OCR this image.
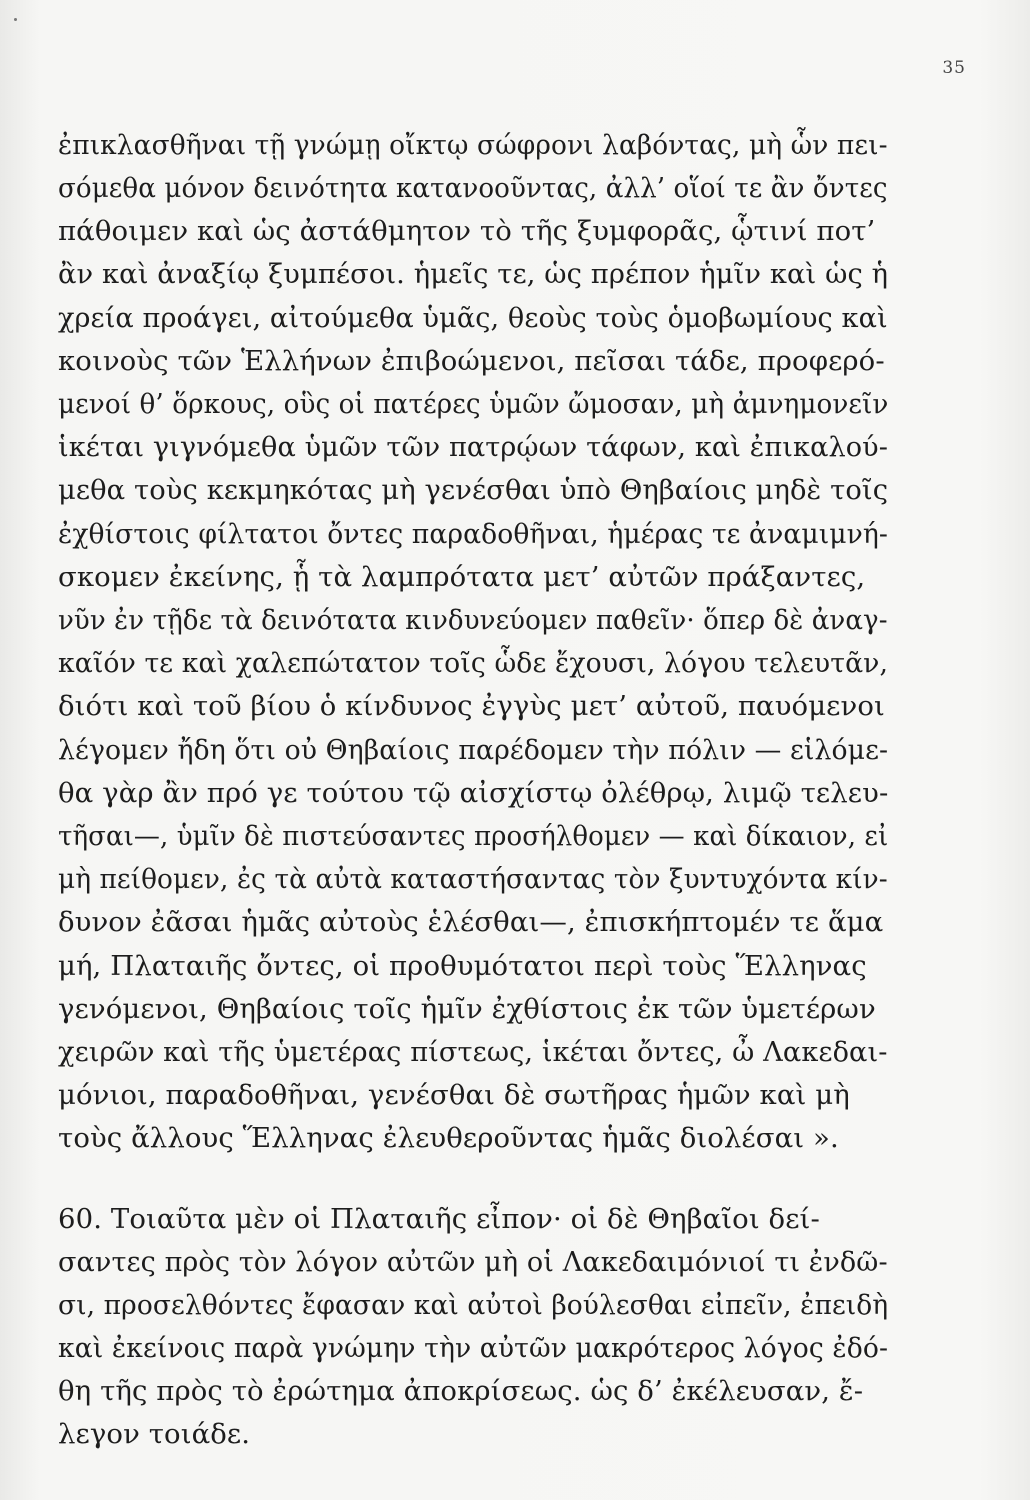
35
ἐπικλασθῆναι τῇ γνώμῃ οἴκτῳ σώφρονι λαβόντας, μὴ ὧν πει-
σόμεθα μόνον δεινότητα κατανοοῦντας, ἀλλ’ οἵοί τε ἂν ὄντες
πάθοιμεν καὶ ὡς ἀστάθμητον τὸ τῆς ξυμφορᾶς, ᾧτινί ποτ’
ἂν καὶ ἀναξίῳ ξυμπέσοι. ἡμεῖς τε, ὡς πρέπον ἡμῖν καὶ ὡς ἡ
χρεία προάγει, αἰτούμεθα ὑμᾶς, θεοὺς τοὺς ὁμοβωμίους καὶ
κοινοὺς τῶν Ἑλλήνων ἐπιβοώμενοι, πεῖσαι τάδε, προφερό-
μενοί θ’ ὅρκους, οὓς οἱ πατέρες ὑμῶν ὤμοσαν, μὴ ἀμνημονεῖν
ἱκέται γιγνόμεθα ὑμῶν τῶν πατρῴων τάφων, καὶ ἐπικαλού-
μεθα τοὺς κεκμηκότας μὴ γενέσθαι ὑπὸ Θηβαίοις μηδὲ τοῖς
ἐχθίστοις φίλτατοι ὄντες παραδοθῆναι, ἡμέρας τε ἀναμιμνή-
σκομεν ἐκείνης, ᾗ τὰ λαμπρότατα μετ’ αὐτῶν πράξαντες,
νῦν ἐν τῇδε τὰ δεινότατα κινδυνεύομεν παθεῖν· ὅπερ δὲ ἀναγ-
καῖόν τε καὶ χαλεπώτατον τοῖς ὧδε ἔχουσι, λόγου τελευτᾶν,
διότι καὶ τοῦ βίου ὁ κίνδυνος ἐγγὺς μετ’ αὐτοῦ, παυόμενοι
λέγομεν ἤδη ὅτι οὐ Θηβαίοις παρέδομεν τὴν πόλιν — εἱλόμε-
θα γὰρ ἂν πρό γε τούτου τῷ αἰσχίστῳ ὀλέθρῳ, λιμῷ τελευ-
τῆσαι—, ὑμῖν δὲ πιστεύσαντες προσήλθομεν — καὶ δίκαιον, εἰ
μὴ πείθομεν, ἐς τὰ αὐτὰ καταστήσαντας τὸν ξυντυχόντα κίν-
δυνον ἐᾶσαι ἡμᾶς αὐτοὺς ἑλέσθαι—, ἐπισκήπτομέν τε ἅμα
μή, Πλαταιῆς ὄντες, οἱ προθυμότατοι περὶ τοὺς Ἕλληνας
γενόμενοι, Θηβαίοις τοῖς ἡμῖν ἐχθίστοις ἐκ τῶν ὑμετέρων
χειρῶν καὶ τῆς ὑμετέρας πίστεως, ἱκέται ὄντες, ὦ Λακεδαι-
μόνιοι, παραδοθῆναι, γενέσθαι δὲ σωτῆρας ἡμῶν καὶ μὴ
τοὺς ἄλλους Ἕλληνας ἐλευθεροῦντας ἡμᾶς διολέσαι ».
60. Τοιαῦτα μὲν οἱ Πλαταιῆς εἶπον· οἱ δὲ Θηβαῖοι δεί-
σαντες πρὸς τὸν λόγον αὐτῶν μὴ οἱ Λακεδαιμόνιοί τι ἐνδῶ-
σι, προσελθόντες ἔφασαν καὶ αὐτοὶ βούλεσθαι εἰπεῖν, ἐπειδὴ
καὶ ἐκείνοις παρὰ γνώμην τὴν αὐτῶν μακρότερος λόγος ἐδό-
θη τῆς πρὸς τὸ ἐρώτημα ἀποκρίσεως. ὡς δ’ ἐκέλευσαν, ἔ-
λεγον τοιάδε.
